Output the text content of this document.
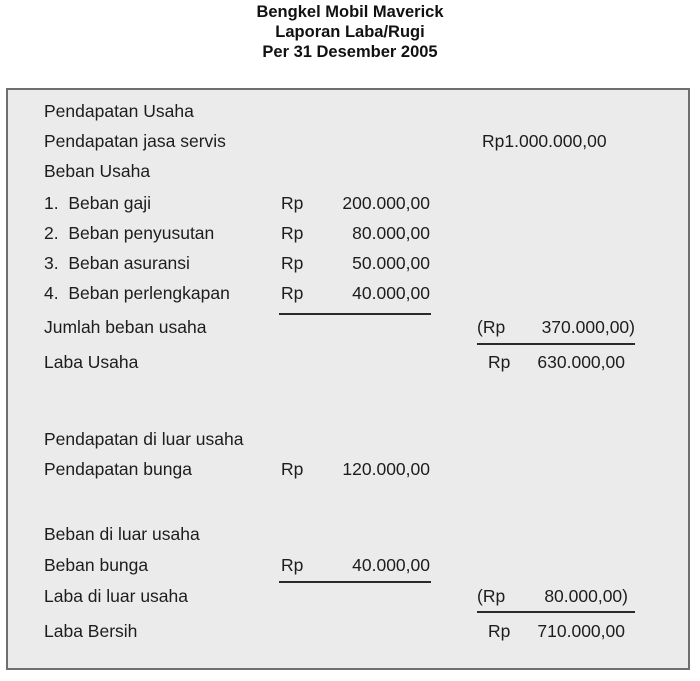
Bengkel Mobil Maverick
Laporan Laba/Rugi
Per 31 Desember 2005
Pendapatan Usaha
Pendapatan jasa servis	Rp1.000.000,00
Beban Usaha
1.  Beban gaji	Rp	200.000,00
2.  Beban penyusutan	Rp	80.000,00
3.  Beban asuransi	Rp	50.000,00
4.  Beban perlengkapan	Rp	40.000,00
Jumlah beban usaha	(Rp	370.000,00)
Laba Usaha	Rp	630.000,00
Pendapatan di luar usaha
Pendapatan bunga	Rp	120.000,00
Beban di luar usaha
Beban bunga	Rp	40.000,00
Laba di luar usaha	(Rp	80.000,00)
Laba Bersih	Rp	710.000,00
